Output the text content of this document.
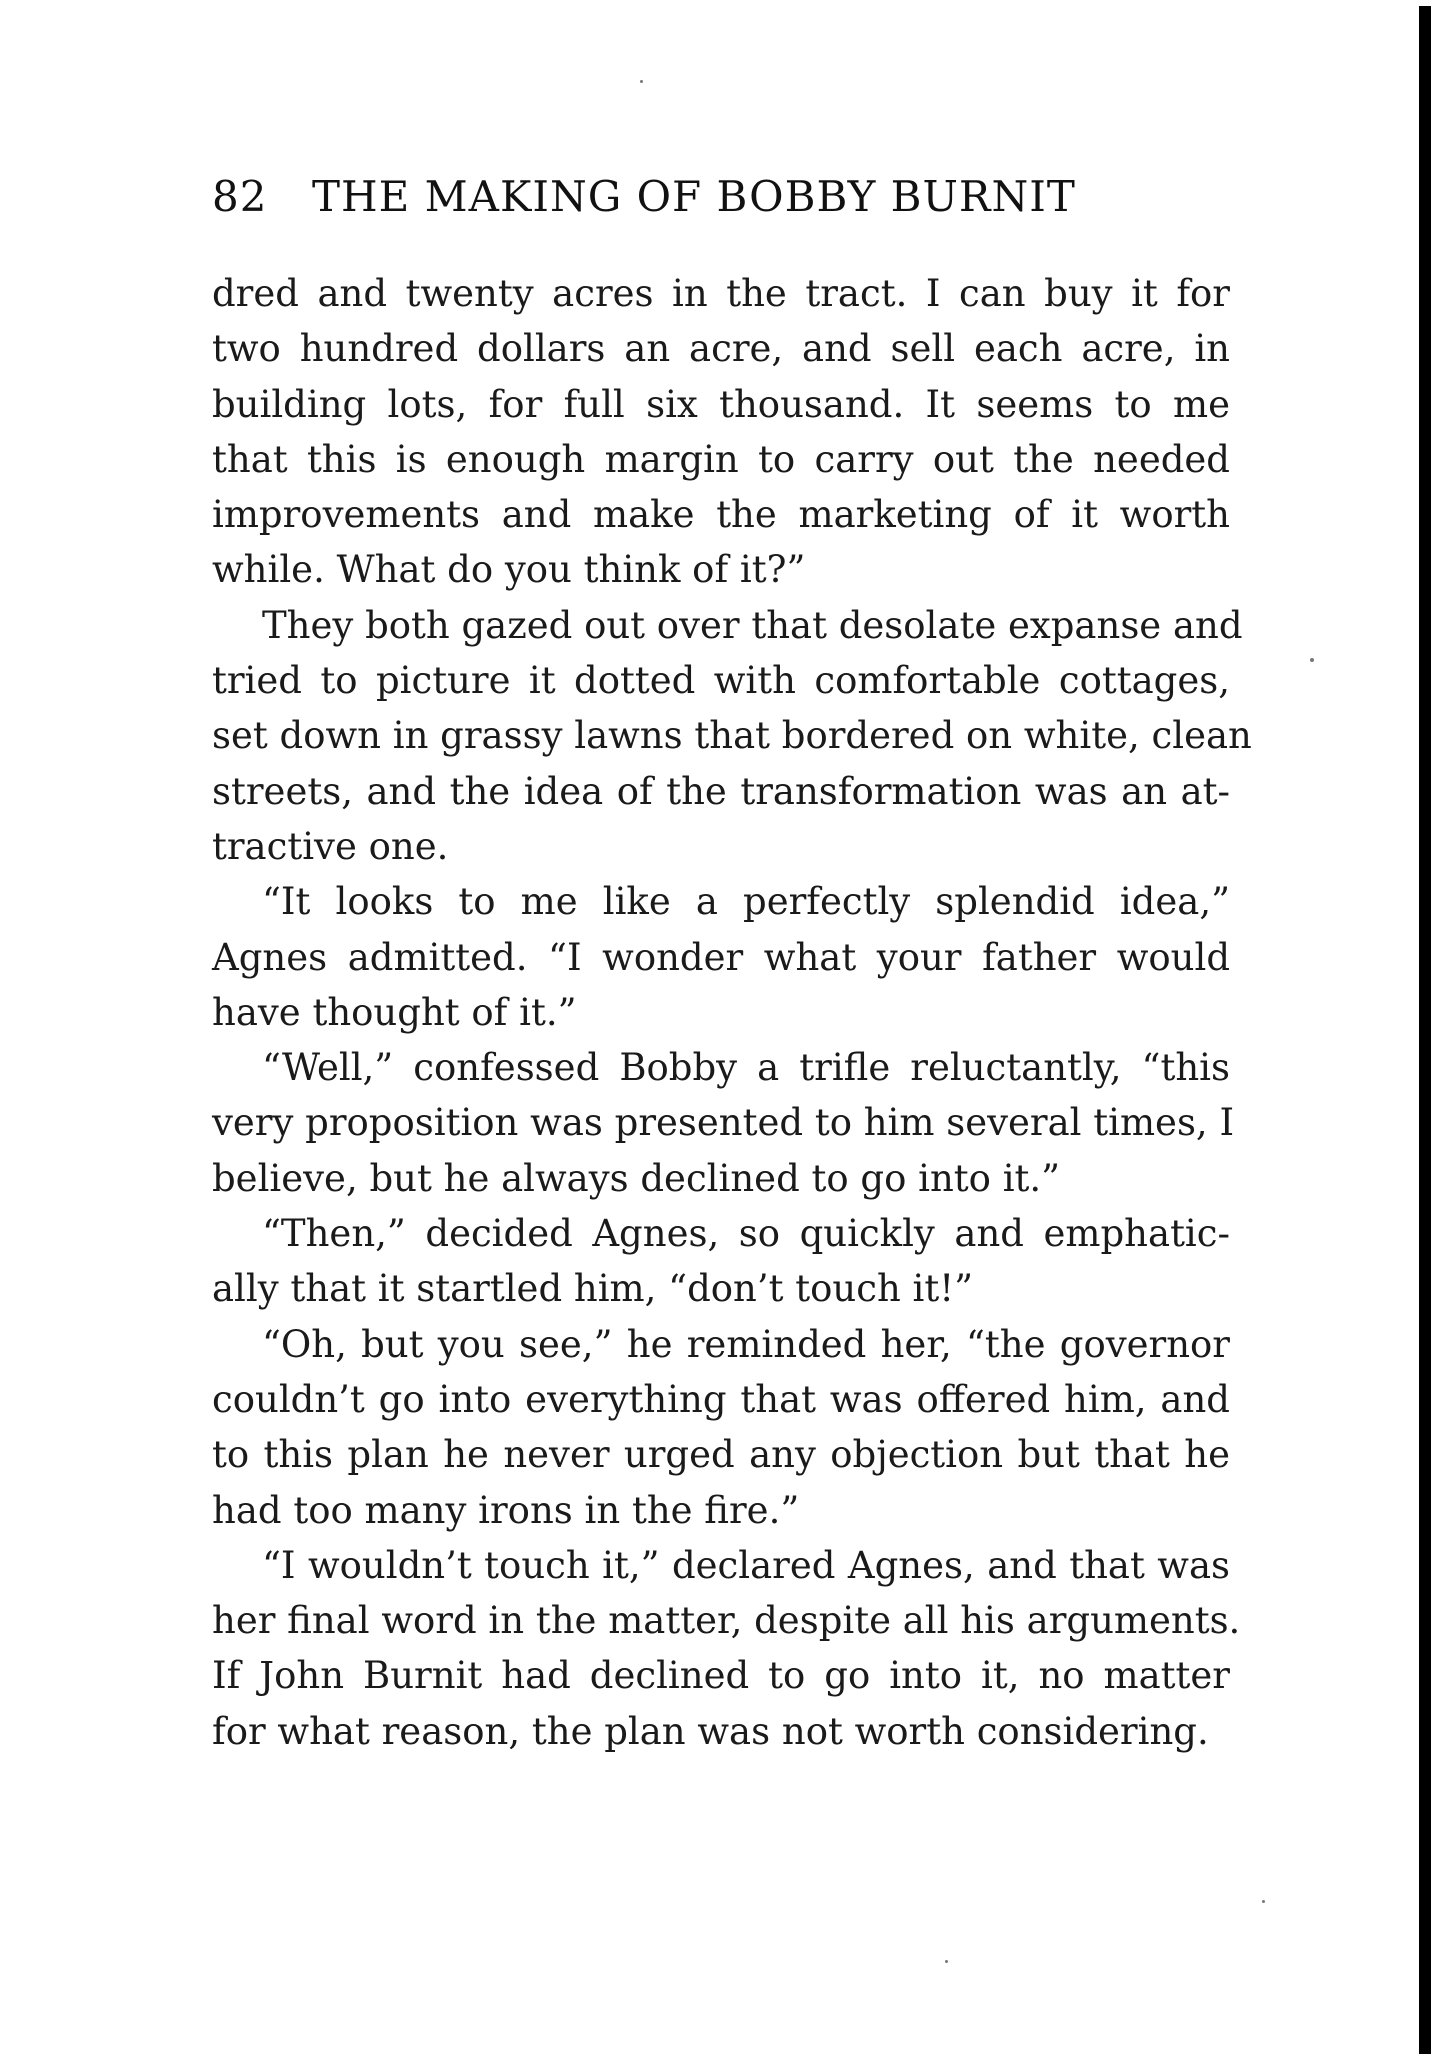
82 THE MAKING OF BOBBY BURNIT
dred and twenty acres in the tract. I can buy it for
two hundred dollars an acre, and sell each acre, in
building lots, for full six thousand. It seems to me
that this is enough margin to carry out the needed
improvements and make the marketing of it worth
while. What do you think of it?”
They both gazed out over that desolate expanse and
tried to picture it dotted with comfortable cottages,
set down in grassy lawns that bordered on white, clean
streets, and the idea of the transformation was an at-
tractive one.
“It looks to me like a perfectly splendid idea,”
Agnes admitted. “I wonder what your father would
have thought of it.”
“Well,” confessed Bobby a trifle reluctantly, “this
very proposition was presented to him several times, I
believe, but he always declined to go into it.”
“Then,” decided Agnes, so quickly and emphatic-
ally that it startled him, “don’t touch it!”
“Oh, but you see,” he reminded her, “the governor
couldn’t go into everything that was offered him, and
to this plan he never urged any objection but that he
had too many irons in the fire.”
“I wouldn’t touch it,” declared Agnes, and that was
her final word in the matter, despite all his arguments.
If John Burnit had declined to go into it, no matter
for what reason, the plan was not worth considering.
